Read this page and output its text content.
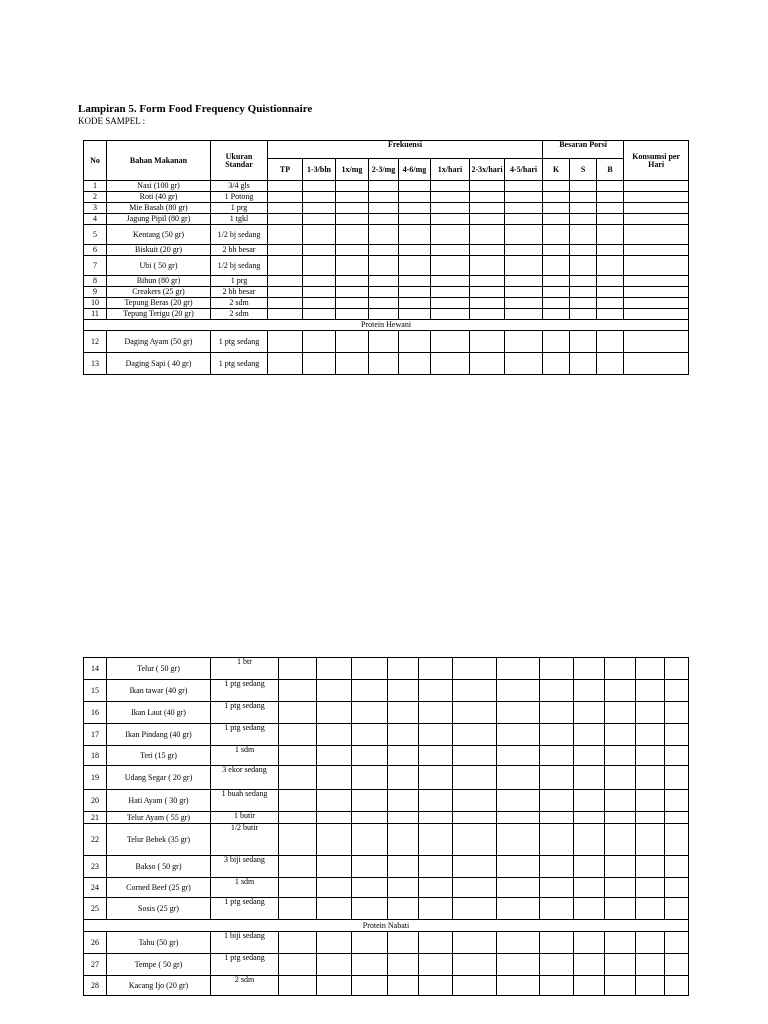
Lampiran 5. Form Food Frequency Quistionnaire
KODE SAMPEL :
No	Bahan Makanan	Ukuran Standar	Frekuensi								Besaran Porsi			Konsumsi per Hari
			TP	1-3/bln	1x/mg	2-3/mg	4-6/mg	1x/hari	2-3x/hari	4-5/hari	K	S	B	
1	Nasi (100 gr)	3/4 gls												
2	Roti (40 gr)	1 Potong												
3	Mie Basah (80 gr)	1 prg												
4	Jagung Pipil (80 gr)	1 tgkl												
5	Kentang (50 gr)	1/2 bj sedang												
6	Biskuit (20 gr)	2 bh besar												
7	Ubi ( 50 gr)	1/2 bj sedang												
8	Bihun (80 gr)	1 prg												
9	Creakers (25 gr)	2 bh besar												
10	Tepung Beras (20 gr)	2 sdm												
11	Tepung Terigu (20 gr)	2 sdm												
Protein Hewani														
12	Daging Ayam (50 gr)	1 ptg sedang												
13	Daging Sapi ( 40 gr)	1 ptg sedang												
14	Telur ( 50 gr)	1 btr													
15	Ikan tawar (40 gr)	1 ptg sedang													
16	Ikan Laut (40 gr)	1 ptg sedang													
17	Ikan Pindang (40 gr)	1 ptg sedang													
18	Teri (15 gr)	1 sdm													
19	Udang Segar ( 20 gr)	3 ekor sedang													
20	Hati Ayam ( 30 gr)	1 buah sedang													
21	Telur Ayam ( 55 gr)	1 butir													
22	Telur Bebek (35 gr)	1/2 butir													
23	Bakso ( 50 gr)	3 biji sedang													
24	Corned Beef (25 gr)	1 sdm													
25	Sosis (25 gr)	1 ptg sedang													
Protein Nabati															
26	Tahu (50 gr)	1 biji sedang													
27	Tempe ( 50 gr)	1 ptg sedang													
28	Kacang Ijo (20 gr)	2 sdm													
